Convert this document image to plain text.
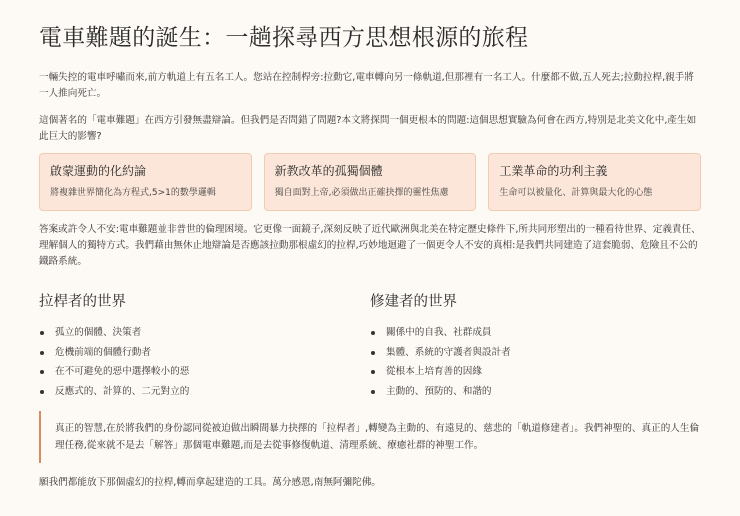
電車難題的誕生：一趟探尋西方思想根源的旅程

一輛失控的電車呼嘯而來,前方軌道上有五名工人。您站在控制桿旁:拉動它,電車轉向另一條軌道,但那裡有一名工人。什麼都不做,五人死去;拉動拉桿,親手將一人推向死亡。

這個著名的「電車難題」在西方引發無盡辯論。但我們是否問錯了問題?本文將探問一個更根本的問題:這個思想實驗為何會在西方,特別是北美文化中,產生如此巨大的影響?

啟蒙運動的化約論
將複雜世界簡化為方程式,5>1的數學邏輯
新教改革的孤獨個體
獨自面對上帝,必須做出正確抉擇的靈性焦慮
工業革命的功利主義
生命可以被量化、計算與最大化的心態

答案或許令人不安:電車難題並非普世的倫理困境。它更像一面鏡子,深刻反映了近代歐洲與北美在特定歷史條件下,所共同形塑出的一種看待世界、定義責任、理解個人的獨特方式。我們藉由無休止地辯論是否應該拉動那根虛幻的拉桿,巧妙地迴避了一個更令人不安的真相:是我們共同建造了這套脆弱、危險且不公的鐵路系統。

拉桿者的世界
孤立的個體、決策者
危機前端的個體行動者
在不可避免的惡中選擇較小的惡
反應式的、計算的、二元對立的
修建者的世界
關係中的自我、社群成員
集體、系統的守護者與設計者
從根本上培育善的因緣
主動的、預防的、和諧的

真正的智慧,在於將我們的身份認同從被迫做出瞬間暴力抉擇的「拉桿者」,轉變為主動的、有遠見的、慈悲的「軌道修建者」。我們神聖的、真正的人生倫理任務,從來就不是去「解答」那個電車難題,而是去從事修復軌道、清理系統、療癒社群的神聖工作。

願我們都能放下那個虛幻的拉桿,轉而拿起建造的工具。萬分感恩,南無阿彌陀佛。
